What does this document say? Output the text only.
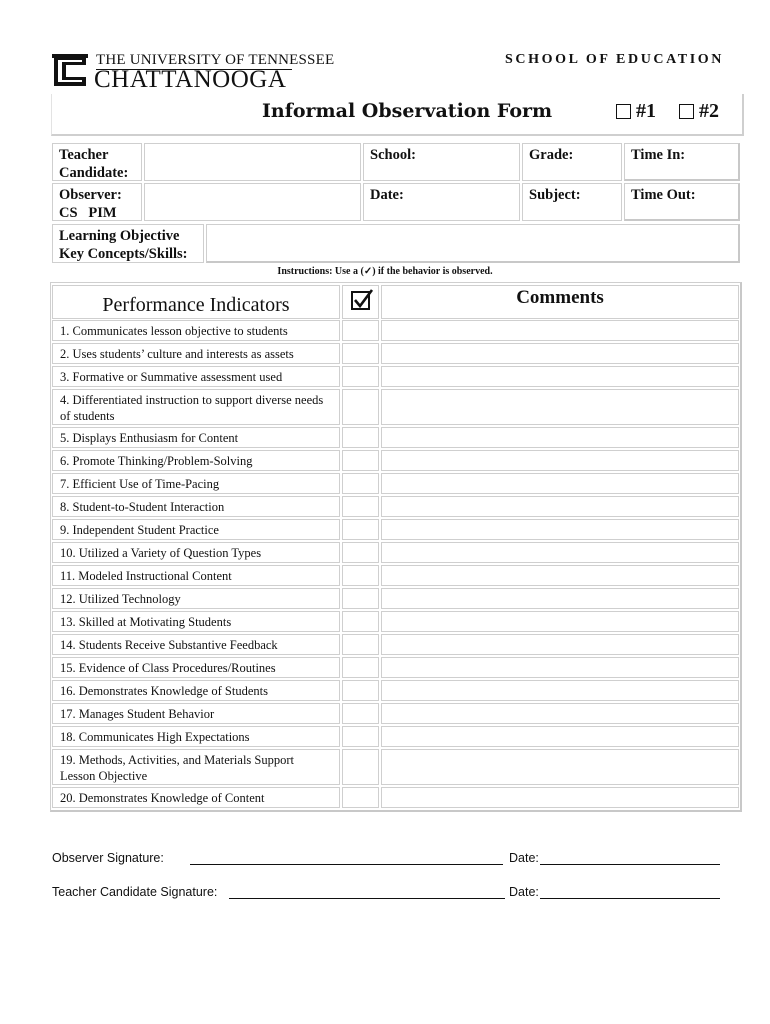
THE UNIVERSITY OF TENNESSEE
CHATTANOOGA
SCHOOL OF EDUCATION
Informal Observation Form	#1 #2
Teacher Candidate:
School:	Grade:	Time In:
Observer:
CS   PIM
Date:	Subject:	Time Out:
Learning Objective
Key Concepts/Skills:
Instructions: Use a (✓) if the behavior is observed.
Performance Indicators	Comments
1. Communicates lesson objective to students
2. Uses students’ culture and interests as assets
3. Formative or Summative assessment used
4. Differentiated instruction to support diverse needs of students
5. Displays Enthusiasm for Content
6. Promote Thinking/Problem-Solving
7. Efficient Use of Time-Pacing
8. Student-to-Student Interaction
9. Independent Student Practice
10. Utilized a Variety of Question Types
11. Modeled Instructional Content
12. Utilized Technology
13. Skilled at Motivating Students
14. Students Receive Substantive Feedback
15. Evidence of Class Procedures/Routines
16. Demonstrates Knowledge of Students
17. Manages Student Behavior
18. Communicates High Expectations
19. Methods, Activities, and Materials Support Lesson Objective
20. Demonstrates Knowledge of Content
Observer Signature:	Date:
Teacher Candidate Signature:	Date:
